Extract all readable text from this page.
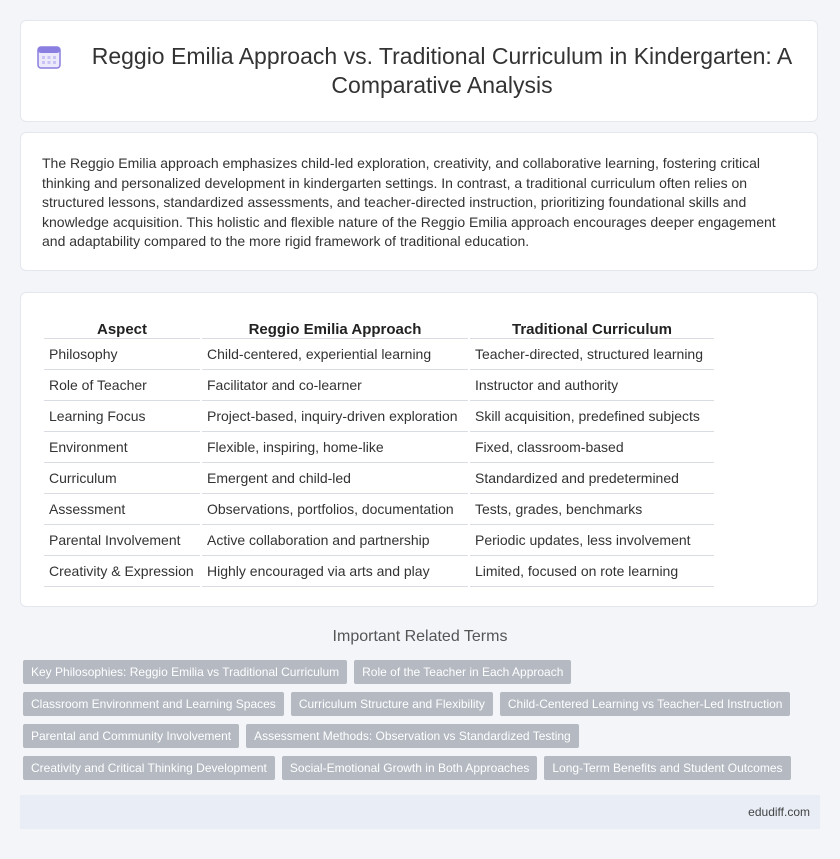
Reggio Emilia Approach vs. Traditional Curriculum in Kindergarten: A Comparative Analysis

The Reggio Emilia approach emphasizes child-led exploration, creativity, and collaborative learning, fostering critical thinking and personalized development in kindergarten settings. In contrast, a traditional curriculum often relies on structured lessons, standardized assessments, and teacher-directed instruction, prioritizing foundational skills and knowledge acquisition. This holistic and flexible nature of the Reggio Emilia approach encourages deeper engagement and adaptability compared to the more rigid framework of traditional education.

Aspect	Reggio Emilia Approach	Traditional Curriculum
Philosophy	Child-centered, experiential learning	Teacher-directed, structured learning
Role of Teacher	Facilitator and co-learner	Instructor and authority
Learning Focus	Project-based, inquiry-driven exploration	Skill acquisition, predefined subjects
Environment	Flexible, inspiring, home-like	Fixed, classroom-based
Curriculum	Emergent and child-led	Standardized and predetermined
Assessment	Observations, portfolios, documentation	Tests, grades, benchmarks
Parental Involvement	Active collaboration and partnership	Periodic updates, less involvement
Creativity & Expression	Highly encouraged via arts and play	Limited, focused on rote learning
Important Related Terms
Key Philosophies: Reggio Emilia vs Traditional Curriculum	Role of the Teacher in Each Approach
Classroom Environment and Learning Spaces	Curriculum Structure and Flexibility	Child-Centered Learning vs Teacher-Led Instruction
Parental and Community Involvement	Assessment Methods: Observation vs Standardized Testing
Creativity and Critical Thinking Development	Social-Emotional Growth in Both Approaches	Long-Term Benefits and Student Outcomes
edudiff.com
